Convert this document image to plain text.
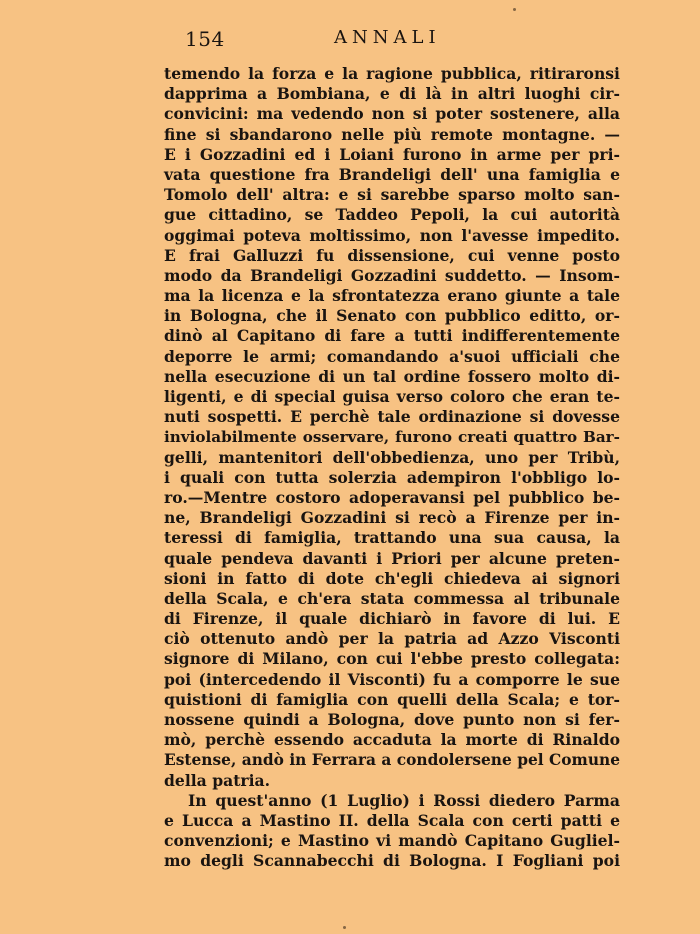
154	ANNALI
temendo la forza e la ragione pubblica, ritiraronsi
dapprima a Bombiana, e di là in altri luoghi cir-
convicini: ma vedendo non si poter sostenere, alla
fine si sbandarono nelle più remote montagne. —
E i Gozzadini ed i Loiani furono in arme per pri-
vata questione fra Brandeligi dell' una famiglia e
Tomolo dell' altra: e si sarebbe sparso molto san-
gue cittadino, se Taddeo Pepoli, la cui autorità
oggimai poteva moltissimo, non l'avesse impedito.
E frai Galluzzi fu dissensione, cui venne posto
modo da Brandeligi Gozzadini suddetto. — Insom-
ma la licenza e la sfrontatezza erano giunte a tale
in Bologna, che il Senato con pubblico editto, or-
dinò al Capitano di fare a tutti indifferentemente
deporre le armi; comandando a'suoi ufficiali che
nella esecuzione di un tal ordine fossero molto di-
ligenti, e di special guisa verso coloro che eran te-
nuti sospetti. E perchè tale ordinazione si dovesse
inviolabilmente osservare, furono creati quattro Bar-
gelli, mantenitori dell'obbedienza, uno per Tribù,
i quali con tutta solerzia adempiron l'obbligo lo-
ro.—Mentre costoro adoperavansi pel pubblico be-
ne, Brandeligi Gozzadini si recò a Firenze per in-
teressi di famiglia, trattando una sua causa, la
quale pendeva davanti i Priori per alcune preten-
sioni in fatto di dote ch'egli chiedeva ai signori
della Scala, e ch'era stata commessa al tribunale
di Firenze, il quale dichiarò in favore di lui. E
ciò ottenuto andò per la patria ad Azzo Visconti
signore di Milano, con cui l'ebbe presto collegata:
poi (intercedendo il Visconti) fu a comporre le sue
quistioni di famiglia con quelli della Scala; e tor-
nossene quindi a Bologna, dove punto non si fer-
mò, perchè essendo accaduta la morte di Rinaldo
Estense, andò in Ferrara a condolersene pel Comune
della patria.
In quest'anno (1 Luglio) i Rossi diedero Parma
e Lucca a Mastino II. della Scala con certi patti e
convenzioni; e Mastino vi mandò Capitano Gugliel-
mo degli Scannabecchi di Bologna. I Fogliani poi
